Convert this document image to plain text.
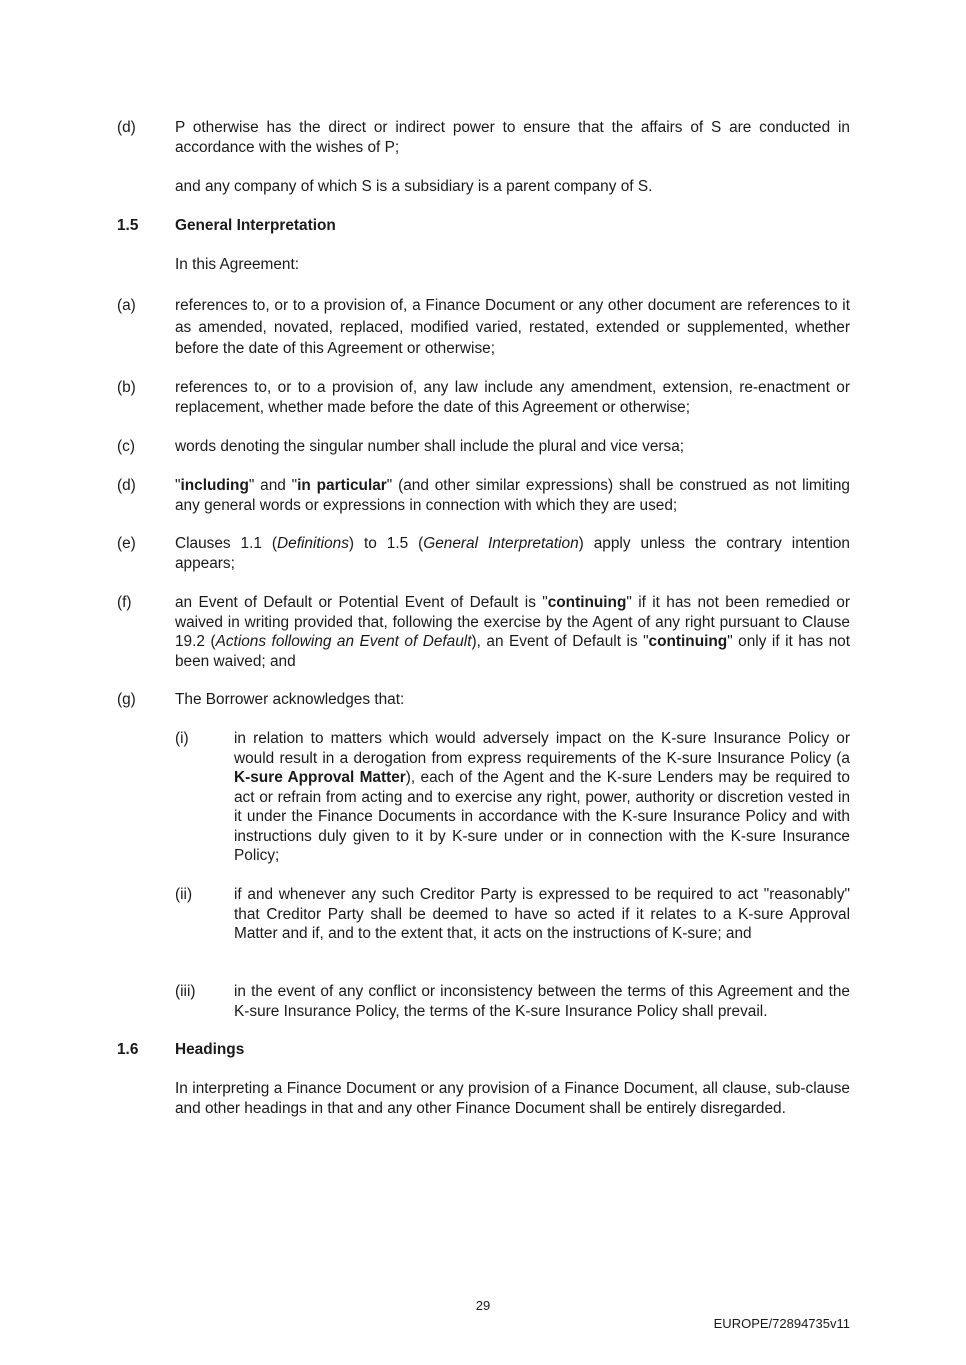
(d)	P otherwise has the direct or indirect power to ensure that the affairs of S are conducted in accordance with the wishes of P;
and any company of which S is a subsidiary is a parent company of S.
1.5	General Interpretation
In this Agreement:
(a)	references to, or to a provision of, a Finance Document or any other document are references to it as amended, novated, replaced, modified varied, restated, extended or supplemented, whether before the date of this Agreement or otherwise;
(b)	references to, or to a provision of, any law include any amendment, extension, re-enactment or replacement, whether made before the date of this Agreement or otherwise;
(c)	words denoting the singular number shall include the plural and vice versa;
(d)	"including" and "in particular" (and other similar expressions) shall be construed as not limiting any general words or expressions in connection with which they are used;
(e)	Clauses 1.1 (Definitions) to 1.5 (General Interpretation) apply unless the contrary intention appears;
(f)	an Event of Default or Potential Event of Default is "continuing" if it has not been remedied or waived in writing provided that, following the exercise by the Agent of any right pursuant to Clause 19.2 (Actions following an Event of Default), an Event of Default is "continuing" only if it has not been waived; and
(g)	The Borrower acknowledges that:
(i)	in relation to matters which would adversely impact on the K-sure Insurance Policy or would result in a derogation from express requirements of the K-sure Insurance Policy (a K-sure Approval Matter), each of the Agent and the K-sure Lenders may be required to act or refrain from acting and to exercise any right, power, authority or discretion vested in it under the Finance Documents in accordance with the K-sure Insurance Policy and with instructions duly given to it by K-sure under or in connection with the K-sure Insurance Policy;
(ii)	if and whenever any such Creditor Party is expressed to be required to act "reasonably" that Creditor Party shall be deemed to have so acted if it relates to a K-sure Approval Matter and if, and to the extent that, it acts on the instructions of K-sure; and
(iii)	in the event of any conflict or inconsistency between the terms of this Agreement and the K-sure Insurance Policy, the terms of the K-sure Insurance Policy shall prevail.
1.6	Headings
In interpreting a Finance Document or any provision of a Finance Document, all clause, sub-clause and other headings in that and any other Finance Document shall be entirely disregarded.
29
EUROPE/72894735v11
